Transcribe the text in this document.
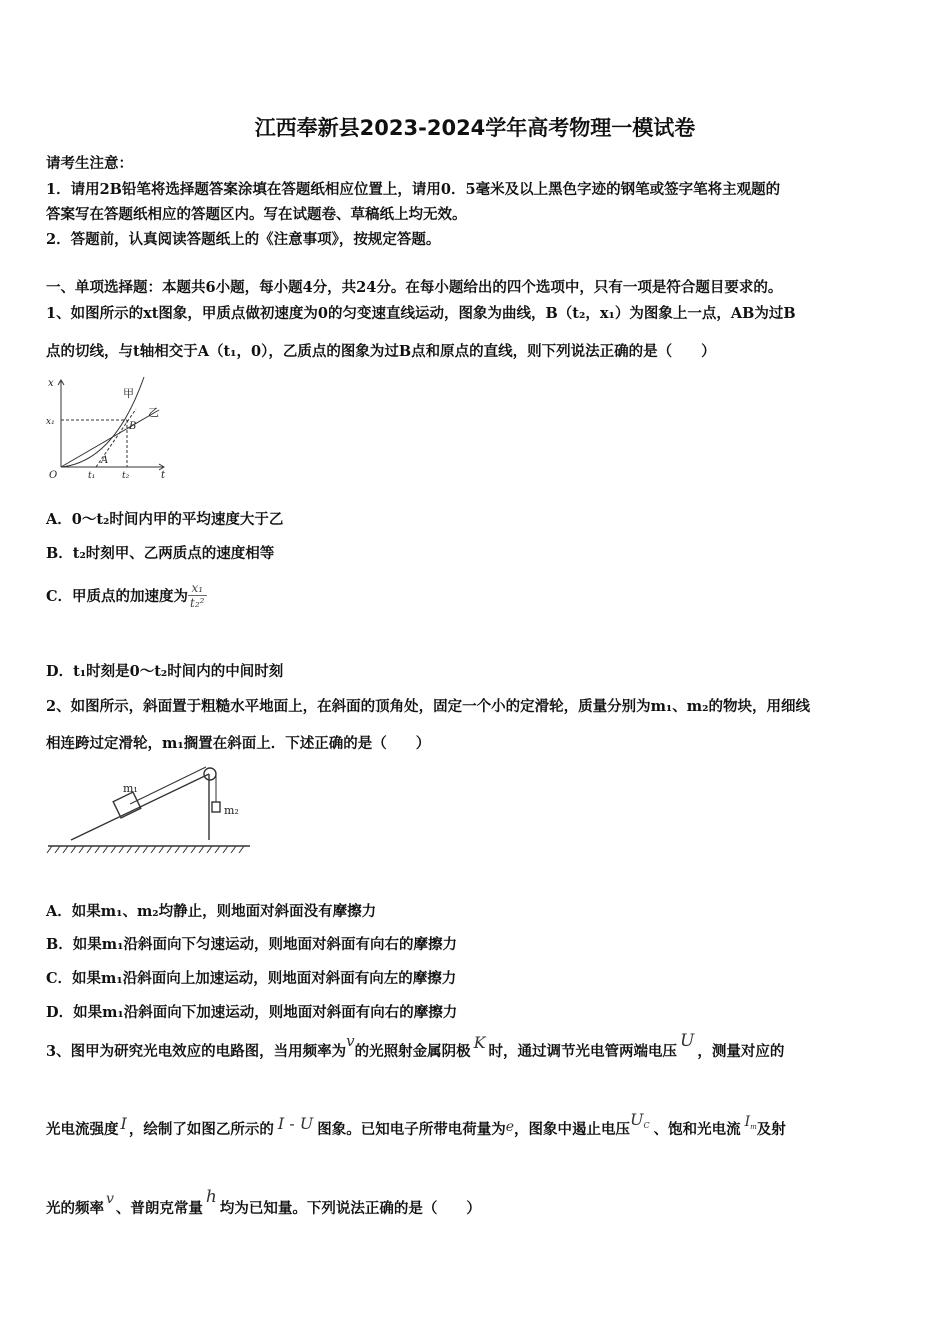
江西奉新县2023-2024学年高考物理一模试卷
请考生注意：
1．请用2B铅笔将选择题答案涂填在答题纸相应位置上，请用0．5毫米及以上黑色字迹的钢笔或签字笔将主观题的
答案写在答题纸相应的答题区内。写在试题卷、草稿纸上均无效。
2．答题前，认真阅读答题纸上的《注意事项》，按规定答题。
一、单项选择题：本题共6小题，每小题4分，共24分。在每小题给出的四个选项中，只有一项是符合题目要求的。
1、如图所示的xt图象，甲质点做初速度为0的匀变速直线运动，图象为曲线，B（t₂，x₁）为图象上一点，AB为过B
点的切线，与t轴相交于A（t₁，0），乙质点的图象为过B点和原点的直线，则下列说法正确的是（　　）
x
t
O
x₁
t₁	t₂
B
A
甲
乙
A．0～t₂时间内甲的平均速度大于乙
B．t₂时刻甲、乙两质点的速度相等
C．甲质点的加速度为 $\frac{\text{x₁}}{\text{t₂²}}$
D．t₁时刻是0～t₂时间内的中间时刻
2、如图所示，斜面置于粗糙水平地面上，在斜面的顶角处，固定一个小的定滑轮，质量分别为m₁、m₂的物块，用细线
相连跨过定滑轮，m₁搁置在斜面上．下述正确的是（　　）
m₁
m₂
A．如果m₁、m₂均静止，则地面对斜面没有摩擦力
B．如果m₁沿斜面向下匀速运动，则地面对斜面有向右的摩擦力
C．如果m₁沿斜面向上加速运动，则地面对斜面有向左的摩擦力
D．如果m₁沿斜面向下加速运动，则地面对斜面有向右的摩擦力
3、图甲为研究光电效应的电路图，当用频率为v的光照射金属阴极 K 时，通过调节光电管两端电压U，测量对应的
光电流强度 I ，绘制了如图乙所示的 I - U 图象。已知电子所带电荷量为e，图象中遏止电压$U^C$ 、饱和光电流 $I^m$及射
光的频率v、普朗克常量h均为已知量。下列说法正确的是（　　）
